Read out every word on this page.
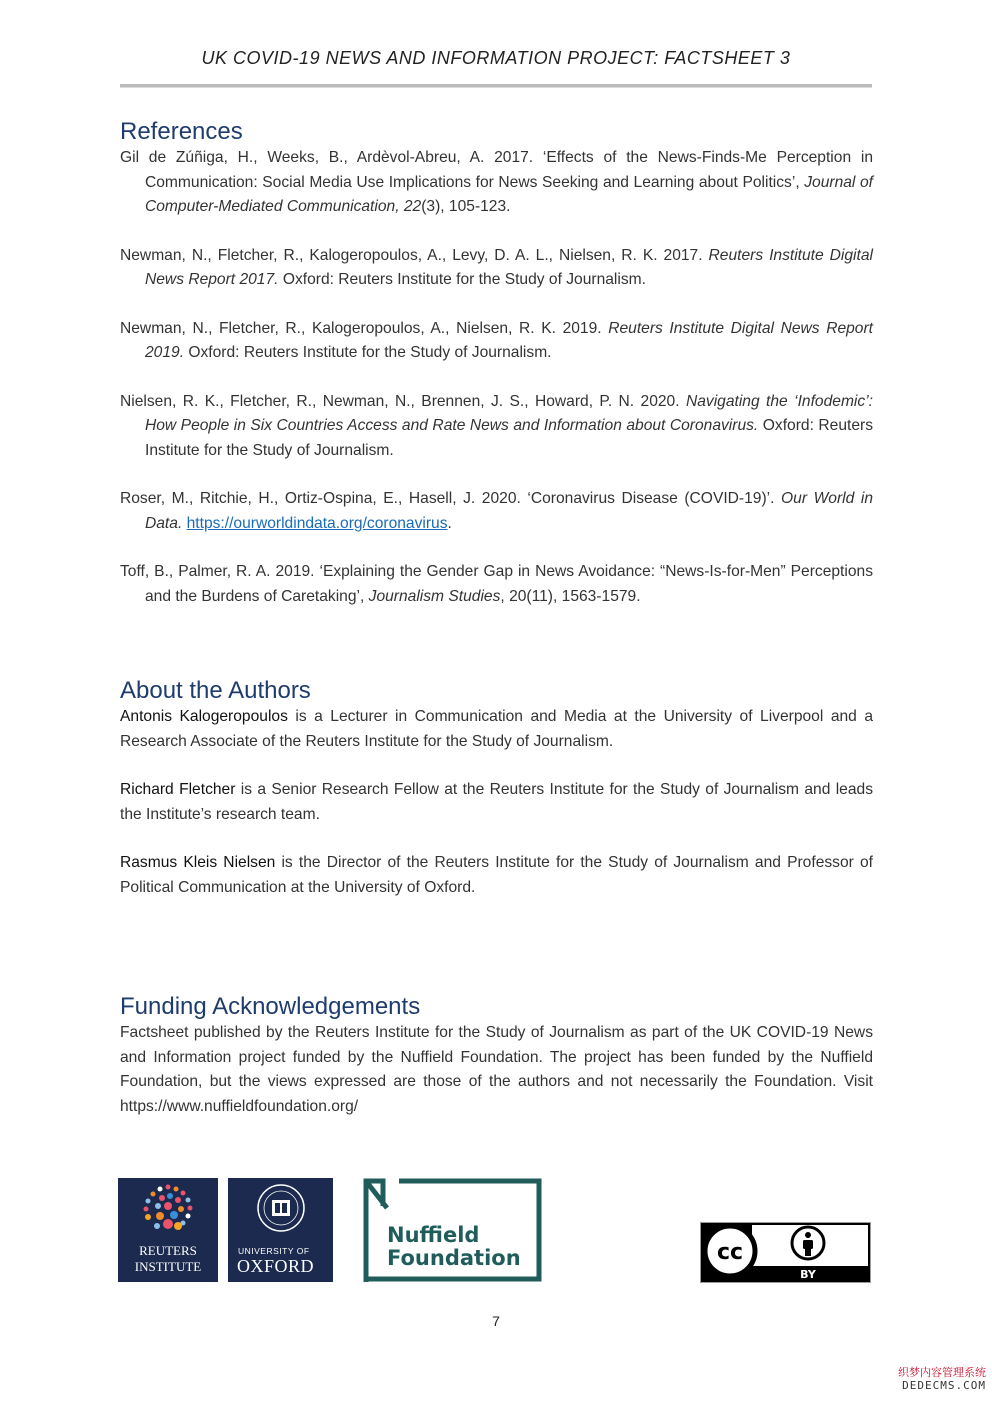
UK COVID-19 NEWS AND INFORMATION PROJECT: FACTSHEET 3
References

Gil de Zúñiga, H., Weeks, B., Ardèvol-Abreu, A. 2017. ‘Effects of the News-Finds-Me Perception in Communication: Social Media Use Implications for News Seeking and Learning about Politics’, Journal of Computer-Mediated Communication, 22(3), 105-123.

Newman, N., Fletcher, R., Kalogeropoulos, A., Levy, D. A. L., Nielsen, R. K. 2017. Reuters Institute Digital News Report 2017. Oxford: Reuters Institute for the Study of Journalism.

Newman, N., Fletcher, R., Kalogeropoulos, A., Nielsen, R. K. 2019. Reuters Institute Digital News Report 2019. Oxford: Reuters Institute for the Study of Journalism.

Nielsen, R. K., Fletcher, R., Newman, N., Brennen, J. S., Howard, P. N. 2020. Navigating the ‘Infodemic’: How People in Six Countries Access and Rate News and Information about Coronavirus. Oxford: Reuters Institute for the Study of Journalism.

Roser, M., Ritchie, H., Ortiz-Ospina, E., Hasell, J. 2020. ‘Coronavirus Disease (COVID-19)’. Our World in Data. https://ourworldindata.org/coronavirus.

Toff, B., Palmer, R. A. 2019. ‘Explaining the Gender Gap in News Avoidance: “News-Is-for-Men” Perceptions and the Burdens of Caretaking’, Journalism Studies, 20(11), 1563-1579.

About the Authors

Antonis Kalogeropoulos is a Lecturer in Communication and Media at the University of Liverpool and a Research Associate of the Reuters Institute for the Study of Journalism.

Richard Fletcher is a Senior Research Fellow at the Reuters Institute for the Study of Journalism and leads the Institute’s research team.

Rasmus Kleis Nielsen is the Director of the Reuters Institute for the Study of Journalism and Professor of Political Communication at the University of Oxford.

Funding Acknowledgements

Factsheet published by the Reuters Institute for the Study of Journalism as part of the UK COVID-19 News and Information project funded by the Nuffield Foundation. The project has been funded by the Nuffield Foundation, but the views expressed are those of the authors and not necessarily the Foundation. Visit https://www.nuffieldfoundation.org/

REUTERS
INSTITUTE
UNIVERSITY OF
OXFORD
Nuffield
Foundation	cc
BY
7
织梦内容管理系统
DEDECMS.COM
